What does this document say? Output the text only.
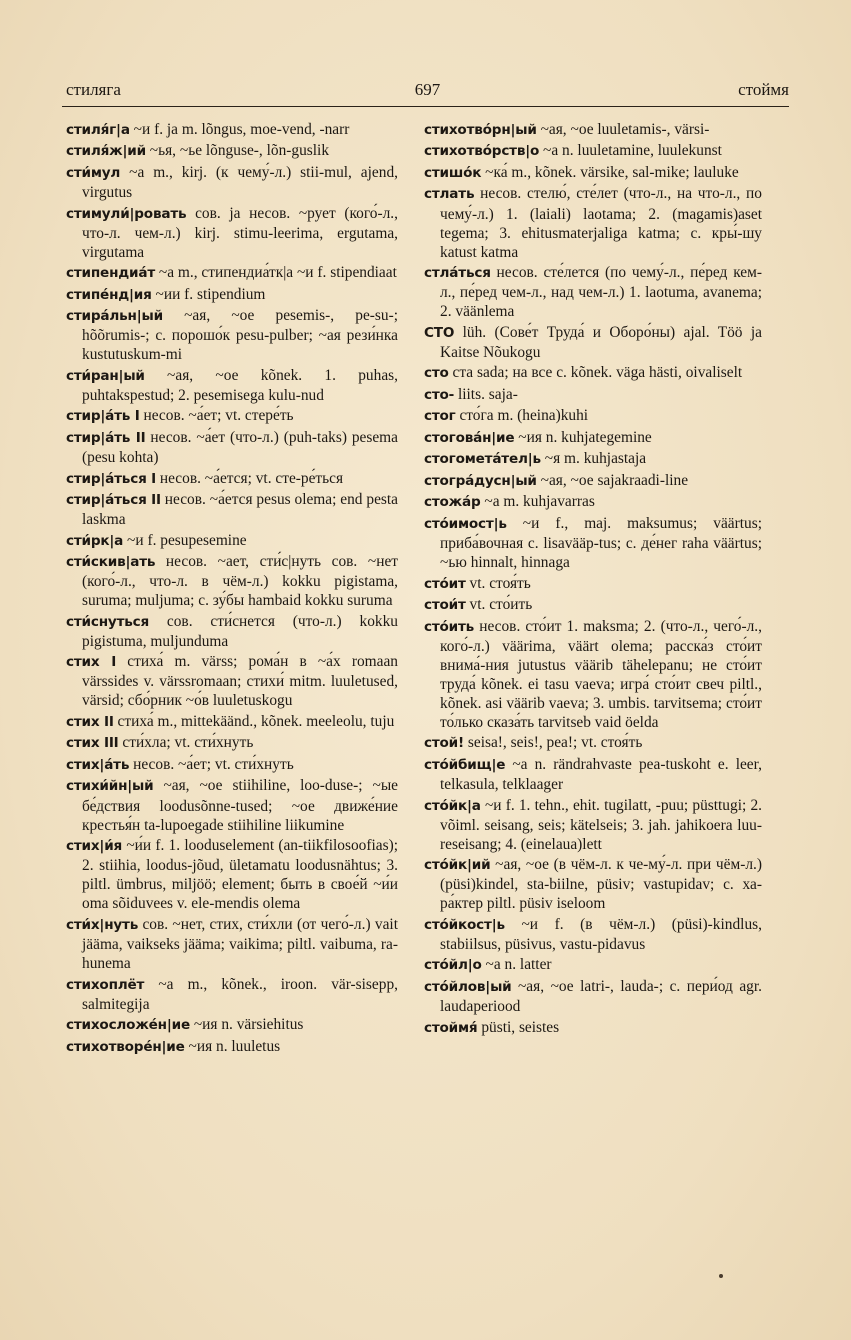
стиляга	697	стоймя

стиля́г|а ~и f. ja m. lõngus, moe-vend, -narr

стиля́ж|ий ~ья, ~ье lõnguse-, lõn-guslik

сти́мул ~а m., kirj. (к чему́-л.) stii-mul, ajend, virgutus

стимули́|ровать сов. ja несов. ~рует (кого́-л., что-л. чем-л.) kirj. stimu-leerima, ergutama, virgutama

стипендиа́т ~а m., стипендиа́тк|а ~и f. stipendiaat

стипе́нд|ия ~ии f. stipendium

стира́льн|ый ~ая, ~ое pesemis-, pe-su-; hõõrumis-; c. порошо́к pesu-pulber; ~ая рези́нка kustutuskum-mi

сти́ран|ый ~ая, ~ое kõnek. 1. puhas, puhtakspestud; 2. pesemisega kulu-nud

стир|а́ть I несов. ~а́ет; vt. стере́ть

стир|а́ть II несов. ~а́ет (что-л.) (puh-taks) pesema (pesu kohta)

стир|а́ться I несов. ~а́ется; vt. сте-ре́ться

стир|а́ться II несов. ~а́ется pesus olema; end pesta laskma

сти́рк|а ~и f. pesupesemine

сти́скив|ать несов. ~ает, сти́с|нуть сов. ~нет (кого́-л., что-л. в чём-л.) kokku pigistama, suruma; muljuma; c. зу́бы hambaid kokku suruma

сти́снуться сов. сти́снется (что-л.) kokku pigistuma, muljunduma

стих I стиха́ m. värss; рома́н в ~а́х romaan värssides v. värssromaan; стихи́ mitm. luuletused, värsid; сбо́рник ~о́в luuletuskogu

стих II стиха́ m., mittekäänd., kõnek. meeleolu, tuju

стих III сти́хла; vt. сти́хнуть

стих|а́ть несов. ~а́ет; vt. сти́хнуть

стихи́йн|ый ~ая, ~ое stiihiline, loo-duse-; ~ые бе́дствия loodusõnne-tused; ~ое движе́ние крестья́н ta-lupoegade stiihiline liikumine

стих|и́я ~и́и f. 1. looduselement (an-tiikfilosoofias); 2. stiihia, loodus-jõud, ületamatu loodusnähtus; 3. piltl. ümbrus, miljöö; element; быть в свое́й ~и́и oma sõiduvees v. ele-mendis olema

сти́х|нуть сов. ~нет, стих, сти́хли (от чего́-л.) vait jääma, vaikseks jääma; vaikima; piltl. vaibuma, ra-hunema

стихоплёт ~а m., kõnek., iroon. vär-sisepp, salmitegija

стихосложе́н|ие ~ия n. värsiehitus

стихотворе́н|ие ~ия n. luuletus

стихотво́рн|ый ~ая, ~ое luuletamis-, värsi-

стихотво́рств|о ~а n. luuletamine, luulekunst

стишо́к ~ка́ m., kõnek. värsike, sal-mike; lauluke

стлать несов. стелю́, сте́лет (что-л., на что-л., по чему́-л.) 1. (laiali) laotama; 2. (magamis)aset tegema; 3. ehitusmaterjaliga katma; c. кры́-шу katust katma

стла́ться несов. сте́лется (по чему́-л., пе́ред кем-л., пе́ред чем-л., над чем-л.) 1. laotuma, avanema; 2. väänlema

СТО lüh. (Сове́т Труда́ и Оборо́ны) ajal. Töö ja Kaitse Nõukogu

сто ста sada; на все c. kõnek. väga hästi, oivaliselt

сто- liits. saja-

стог сто́га m. (heina)kuhi

стогова́н|ие ~ия n. kuhjategemine

стогомета́тел|ь ~я m. kuhjastaja

стогра́дусн|ый ~ая, ~ое sajakraadi-line

стожа́р ~а m. kuhjavarras

сто́имост|ь ~и f., maj. maksumus; väärtus; приба́вочная c. lisavääр-tus; c. де́нег raha väärtus; ~ью hinnalt, hinnaga

сто́ит vt. стоя́ть

стои́т vt. сто́ить

сто́ить несов. сто́ит 1. maksma; 2. (что-л., чего́-л., кого́-л.) väärima, väärt olema; расска́з сто́ит внима́-ния jutustus väärib tähelepanu; не сто́ит труда́ kõnek. ei tasu vaeva; игра́ сто́ит свеч piltl., kõnek. asi väärib vaeva; 3. umbis. tarvitsema; сто́ит то́лько сказа́ть tarvitseb vaid öelda

стой! seisa!, seis!, pea!; vt. стоя́ть

сто́йбищ|е ~а n. rändrahvaste pea-tuskoht e. leer, telkasula, telklaager

сто́йк|а ~и f. 1. tehn., ehit. tugilatt, -puu; püsttugi; 2. võiml. seisang, seis; kätelseis; 3. jah. jahikoera luu-reseisang; 4. (einelaua)lett

сто́йк|ий ~ая, ~ое (в чём-л. к че-му́-л. при чём-л.) (püsi)kindel, sta-biilne, püsiv; vastupidav; c. ха-ра́ктер piltl. püsiv iseloom

сто́йкост|ь ~и f. (в чём-л.) (püsi)-kindlus, stabiilsus, püsivus, vastu-pidavus

сто́йл|о ~а n. latter

сто́йлов|ый ~ая, ~ое latri-, lauda-; c. пери́од agr. laudaperiood

стоймя́ püsti, seistes
